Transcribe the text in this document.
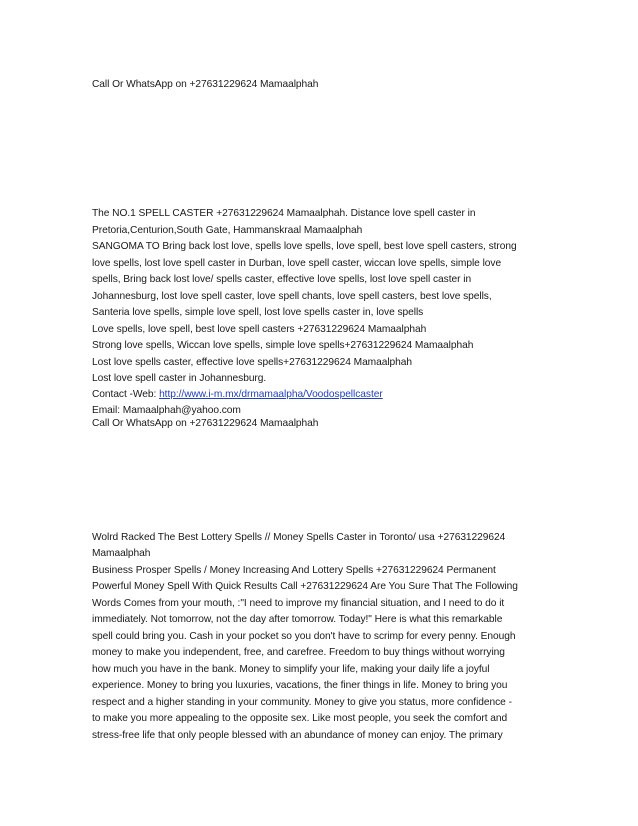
Call Or WhatsApp on +27631229624 Mamaalphah
The NO.1 SPELL CASTER +27631229624 Mamaalphah. Distance love spell caster in
Pretoria,Centurion,South Gate, Hammanskraal Mamaalphah
SANGOMA TO Bring back lost love, spells love spells, love spell, best love spell casters, strong
love spells, lost love spell caster in Durban, love spell caster, wiccan love spells, simple love
spells, Bring back lost love/ spells caster, effective love spells, lost love spell caster in
Johannesburg, lost love spell caster, love spell chants, love spell casters, best love spells,
Santeria love spells, simple love spell, lost love spells caster in, love spells
Love spells, love spell, best love spell casters +27631229624 Mamaalphah
Strong love spells, Wiccan love spells, simple love spells+27631229624 Mamaalphah
Lost love spells caster, effective love spells+27631229624 Mamaalphah
Lost love spell caster in Johannesburg.
Contact -Web: http://www.i-m.mx/drmamaalpha/Voodospellcaster
Email: Mamaalphah@yahoo.com
Call Or WhatsApp on +27631229624 Mamaalphah
Wolrd Racked The Best Lottery Spells // Money Spells Caster in Toronto/ usa +27631229624
Mamaalphah
Business Prosper Spells / Money Increasing And Lottery Spells +27631229624 Permanent
Powerful Money Spell With Quick Results Call +27631229624 Are You Sure That The Following
Words Comes from your mouth, :"I need to improve my financial situation, and I need to do it
immediately. Not tomorrow, not the day after tomorrow. Today!" Here is what this remarkable
spell could bring you. Cash in your pocket so you don't have to scrimp for every penny. Enough
money to make you independent, free, and carefree. Freedom to buy things without worrying
how much you have in the bank. Money to simplify your life, making your daily life a joyful
experience. Money to bring you luxuries, vacations, the finer things in life. Money to bring you
respect and a higher standing in your community. Money to give you status, more confidence -
to make you more appealing to the opposite sex. Like most people, you seek the comfort and
stress-free life that only people blessed with an abundance of money can enjoy. The primary
